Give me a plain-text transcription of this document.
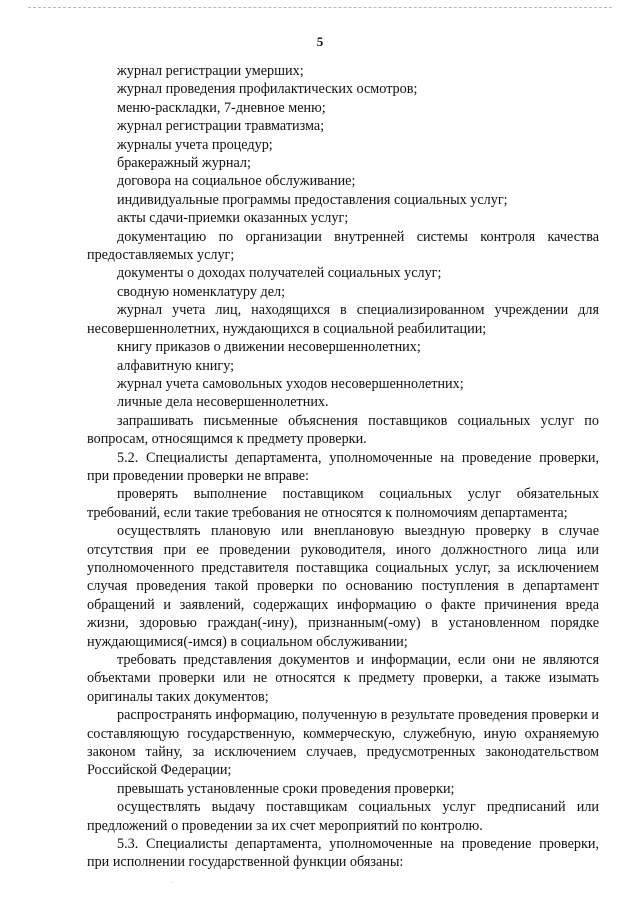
5

журнал регистрации умерших;

журнал проведения профилактических осмотров;

меню-раскладки, 7-дневное меню;

журнал регистрации травматизма;

журналы учета процедур;

бракеражный журнал;

договора на социальное обслуживание;

индивидуальные программы предоставления социальных услуг;

акты сдачи-приемки оказанных услуг;

документацию по организации внутренней системы контроля качества предоставляемых услуг;

документы о доходах получателей социальных услуг;

сводную номенклатуру дел;

журнал учета лиц, находящихся в специализированном учреждении для несовершеннолетних, нуждающихся в социальной реабилитации;

книгу приказов о движении несовершеннолетних;

алфавитную книгу;

журнал учета самовольных уходов несовершеннолетних;

личные дела несовершеннолетних.

запрашивать письменные объяснения поставщиков социальных услуг по вопросам, относящимся к предмету проверки.

5.2. Специалисты департамента, уполномоченные на проведение проверки, при проведении проверки не вправе:

проверять выполнение поставщиком социальных услуг обязательных требований, если такие требования не относятся к полномочиям департамента;

осуществлять плановую или внеплановую выездную проверку в случае отсутствия при ее проведении руководителя, иного должностного лица или уполномоченного представителя поставщика социальных услуг, за исключением случая проведения такой проверки по основанию поступления в департамент обращений и заявлений, содержащих информацию о факте причинения вреда жизни, здоровью граждан(-ину), признанным(-ому) в установленном порядке нуждающимися(-имся) в социальном обслуживании;

требовать представления документов и информации, если они не являются объектами проверки или не относятся к предмету проверки, а также изымать оригиналы таких документов;

распространять информацию, полученную в результате проведения проверки и составляющую государственную, коммерческую, служебную, иную охраняемую законом тайну, за исключением случаев, предусмотренных законодательством Российской Федерации;

превышать установленные сроки проведения проверки;

осуществлять выдачу поставщикам социальных услуг предписаний или предложений о проведении за их счет мероприятий по контролю.

5.3. Специалисты департамента, уполномоченные на проведение проверки, при исполнении государственной функции обязаны:
